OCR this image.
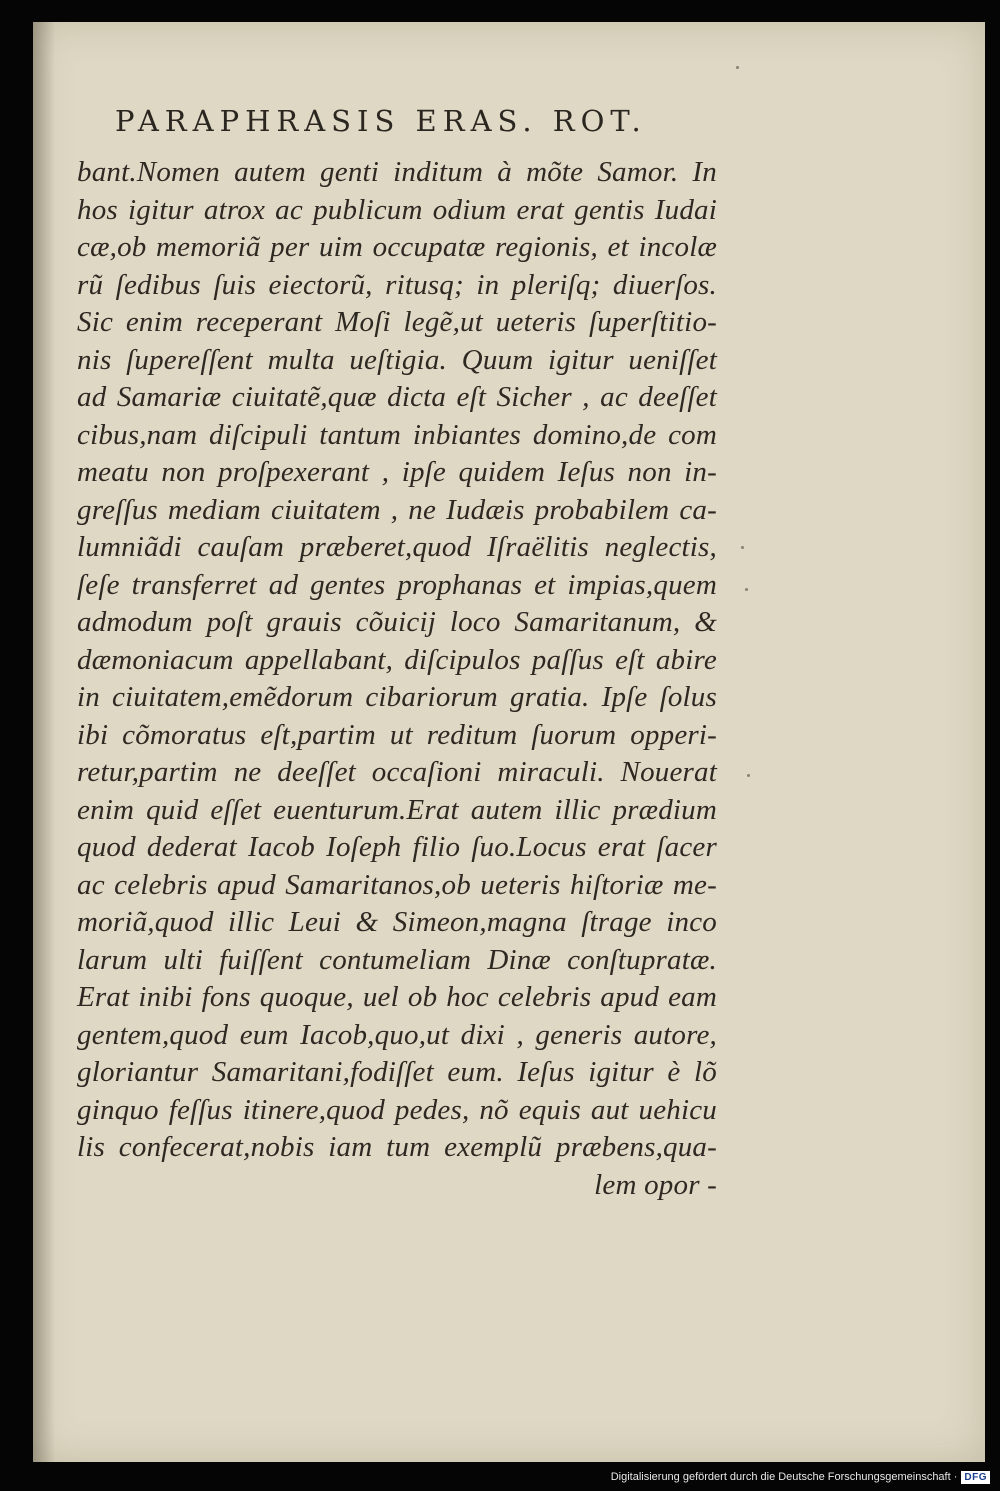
PARAPHRASIS ERAS. ROT.
bant.Nomen autem genti inditum à mõte Samor. In
hos igitur atrox ac publicum odium erat gentis Iudai
cæ,ob memoriã per uim occupatæ regionis, et incolæ
rũ ſedibus ſuis eiectorũ, ritusq; in pleriſq; diuerſos.
Sic enim receperant Moſi legẽ,ut ueteris ſuperſtitio-
nis ſupereſſent multa ueſtigia. Quum igitur ueniſſet
ad Samariæ ciuitatẽ,quæ dicta eſt Sicher , ac deeſſet
cibus,nam diſcipuli tantum inbiantes domino,de com
meatu non proſpexerant , ipſe quidem Ieſus non in-
greſſus mediam ciuitatem , ne Iudæis probabilem ca-
lumniãdi cauſam præberet,quod Iſraëlitis neglectis,
ſeſe transferret ad gentes prophanas et impias,quem
admodum poſt grauis cõuicij loco Samaritanum, &
dæmoniacum appellabant, diſcipulos paſſus eſt abire
in ciuitatem,emẽdorum cibariorum gratia. Ipſe ſolus
ibi cõmoratus eſt,partim ut reditum ſuorum opperi-
retur,partim ne deeſſet occaſioni miraculi. Nouerat
enim quid eſſet euenturum.Erat autem illic prædium
quod dederat Iacob Ioſeph filio ſuo.Locus erat ſacer
ac celebris apud Samaritanos,ob ueteris hiſtoriæ me-
moriã,quod illic Leui & Simeon,magna ſtrage inco
larum ulti fuiſſent contumeliam Dinæ conſtupratæ.
Erat inibi fons quoque, uel ob hoc celebris apud eam
gentem,quod eum Iacob,quo,ut dixi , generis autore,
gloriantur Samaritani,fodiſſet eum. Ieſus igitur è lõ
ginquo feſſus itinere,quod pedes, nõ equis aut uehicu
lis confecerat,nobis iam tum exemplũ præbens,qua-
lem opor -
Digitalisierung gefördert durch die Deutsche Forschungsgemeinschaft · DFG
